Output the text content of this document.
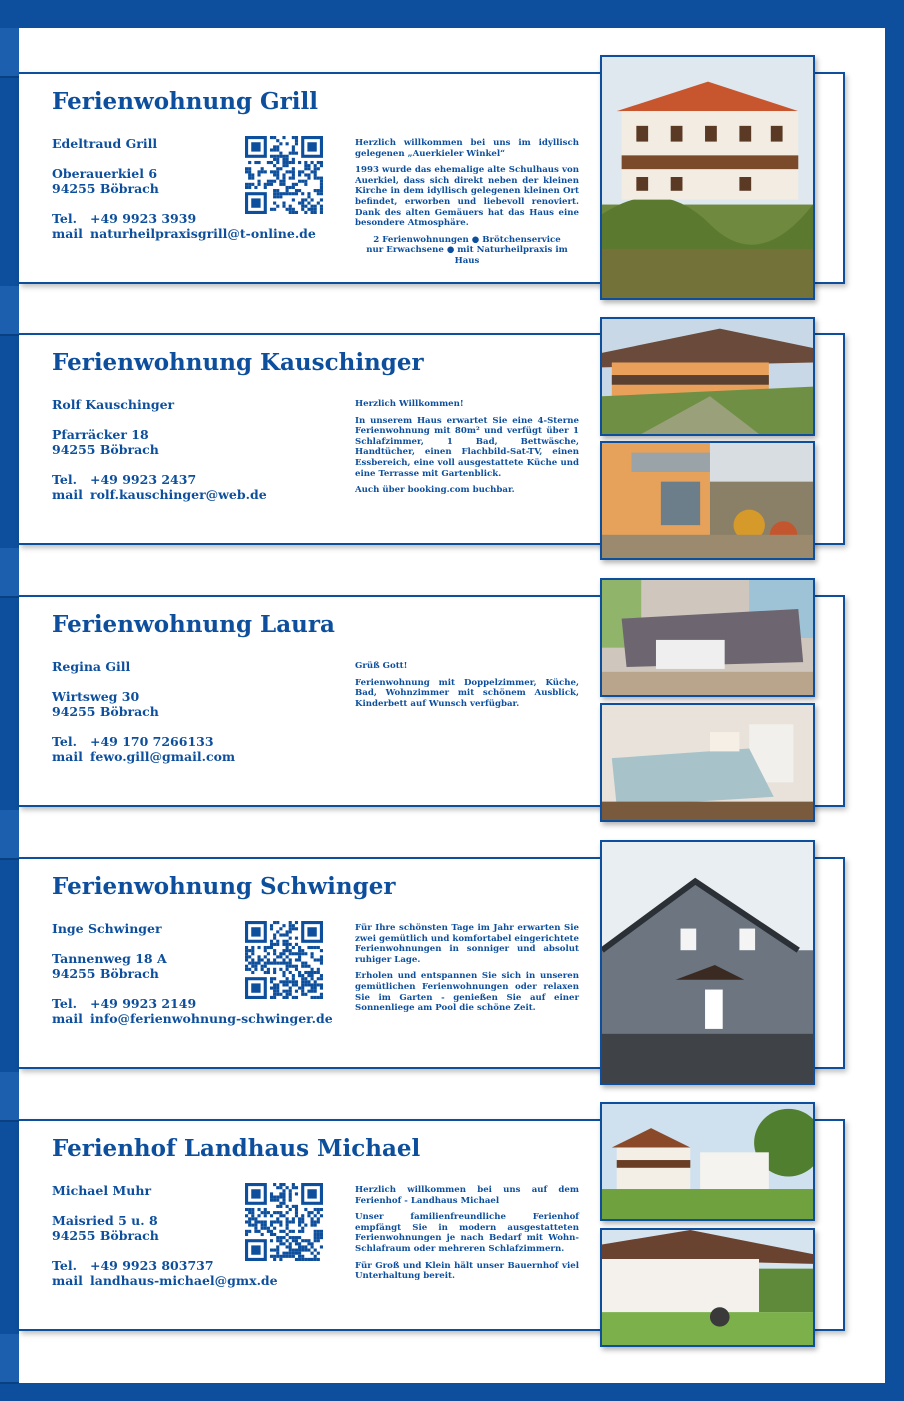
Ferienwohnung Grill
Edeltraud Grill
Oberauerkiel 6
94255 Böbrach
Tel. +49 9923 3939
mail naturheilpraxisgrill@t-online.de

Herzlich willkommen bei uns im idyllisch gelegenen „Auerkieler Winkel“

1993 wurde das ehemalige alte Schulhaus von Auerkiel, dass sich direkt neben der kleinen Kirche in dem idyllisch gelegenen kleinen Ort befindet, erworben und liebevoll renoviert. Dank des alten Gemäuers hat das Haus eine besondere Atmosphäre.

2 Ferienwohnungen ● Brötchenservice
nur Erwachsene ● mit Naturheilpraxis im Haus
Ferienwohnung Kauschinger
Rolf Kauschinger
Pfarräcker 18
94255 Böbrach
Tel. +49 9923 2437
mail rolf.kauschinger@web.de

Herzlich Willkommen!

In unserem Haus erwartet Sie eine 4-Sterne Ferienwohnung mit 80m² und verfügt über 1 Schlafzimmer, 1 Bad, Bettwäsche, Handtücher, einen Flachbild-Sat-TV, einen Essbereich, eine voll ausgestattete Küche und eine Terrasse mit Gartenblick.

Auch über booking.com buchbar.

Ferienwohnung Laura
Regina Gill
Wirtsweg 30
94255 Böbrach
Tel. +49 170 7266133
mail fewo.gill@gmail.com

Grüß Gott!

Ferienwohnung mit Doppelzimmer, Küche, Bad, Wohnzimmer mit schönem Ausblick, Kinderbett auf Wunsch verfügbar.

Ferienwohnung Schwinger
Inge Schwinger
Tannenweg 18 A
94255 Böbrach
Tel. +49 9923 2149
mail info@ferienwohnung-schwinger.de

Für Ihre schönsten Tage im Jahr erwarten Sie zwei gemütlich und komfortabel eingerichtete Ferienwohnungen in sonniger und absolut ruhiger Lage.

Erholen und entspannen Sie sich in unseren gemütlichen Ferienwohnungen oder relaxen Sie im Garten - genießen Sie auf einer Sonnenliege am Pool die schöne Zeit.

Ferienhof Landhaus Michael
Michael Muhr
Maisried 5 u. 8
94255 Böbrach
Tel. +49 9923 803737
mail landhaus-michael@gmx.de

Herzlich willkommen bei uns auf dem Ferienhof - Landhaus Michael

Unser familienfreundliche Ferienhof empfängt Sie in modern ausgestatteten Ferienwohnungen je nach Bedarf mit Wohn-Schlafraum oder mehreren Schlafzimmern.

Für Groß und Klein hält unser Bauernhof viel Unterhaltung bereit.
